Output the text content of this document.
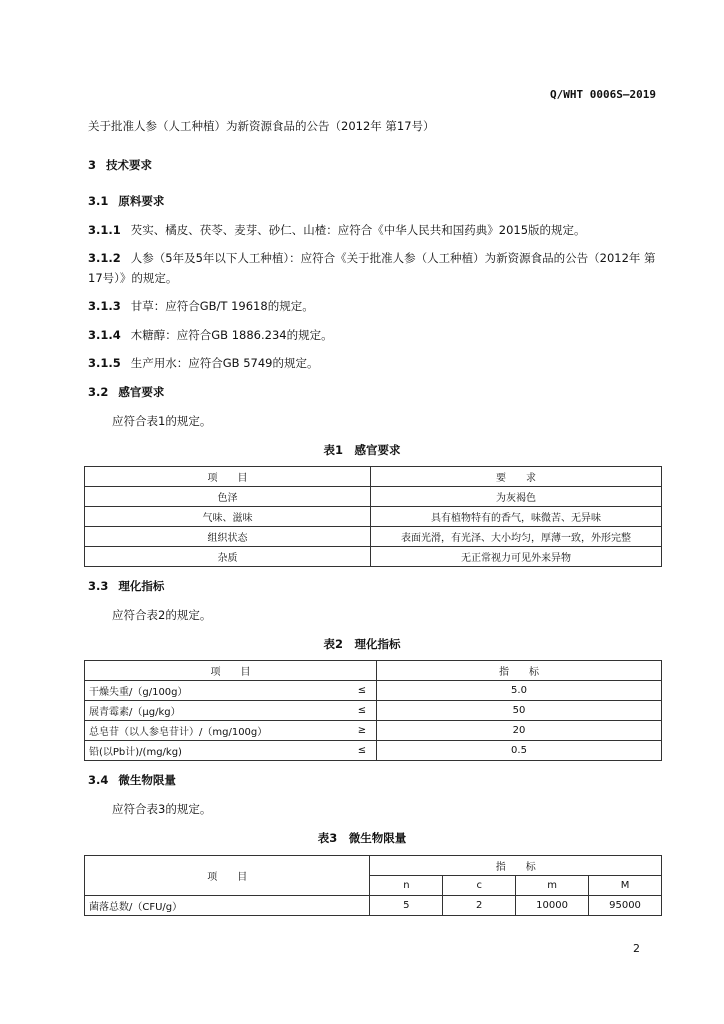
Q/WHT 0006S—2019
关于批准人参（人工种植）为新资源食品的公告（2012年 第17号）
3 技术要求
3.1 原料要求
3.1.1 芡实、橘皮、茯苓、麦芽、砂仁、山楂：应符合《中华人民共和国药典》2015版的规定。
3.1.2 人参（5年及5年以下人工种植）：应符合《关于批准人参（人工种植）为新资源食品的公告（2012年 第17号）》的规定。
3.1.3 甘草：应符合GB/T 19618的规定。
3.1.4 木糖醇：应符合GB 1886.234的规定。
3.1.5 生产用水：应符合GB 5749的规定。
3.2 感官要求
应符合表1的规定。
表1　感官要求
项　　目	要　　求
色泽	为灰褐色
气味、滋味	具有植物特有的香气，味微苦、无异味
组织状态	表面光滑，有光泽、大小均匀，厚薄一致，外形完整
杂质	无正常视力可见外来异物
3.3 理化指标
应符合表2的规定。
表2　理化指标
项　　目		指　　标
干燥失重/（g/100g）	≤	5.0
展青霉素/（μg/kg）	≤	50
总皂苷（以人参皂苷计）/（mg/100g）	≥	20
铅(以Pb计)/(mg/kg)	≤	0.5
3.4 微生物限量
应符合表3的规定。
表3　微生物限量
项　　目	指　　标			
	n	c	m	M
菌落总数/（CFU/g）	5	2	10000	95000
2
